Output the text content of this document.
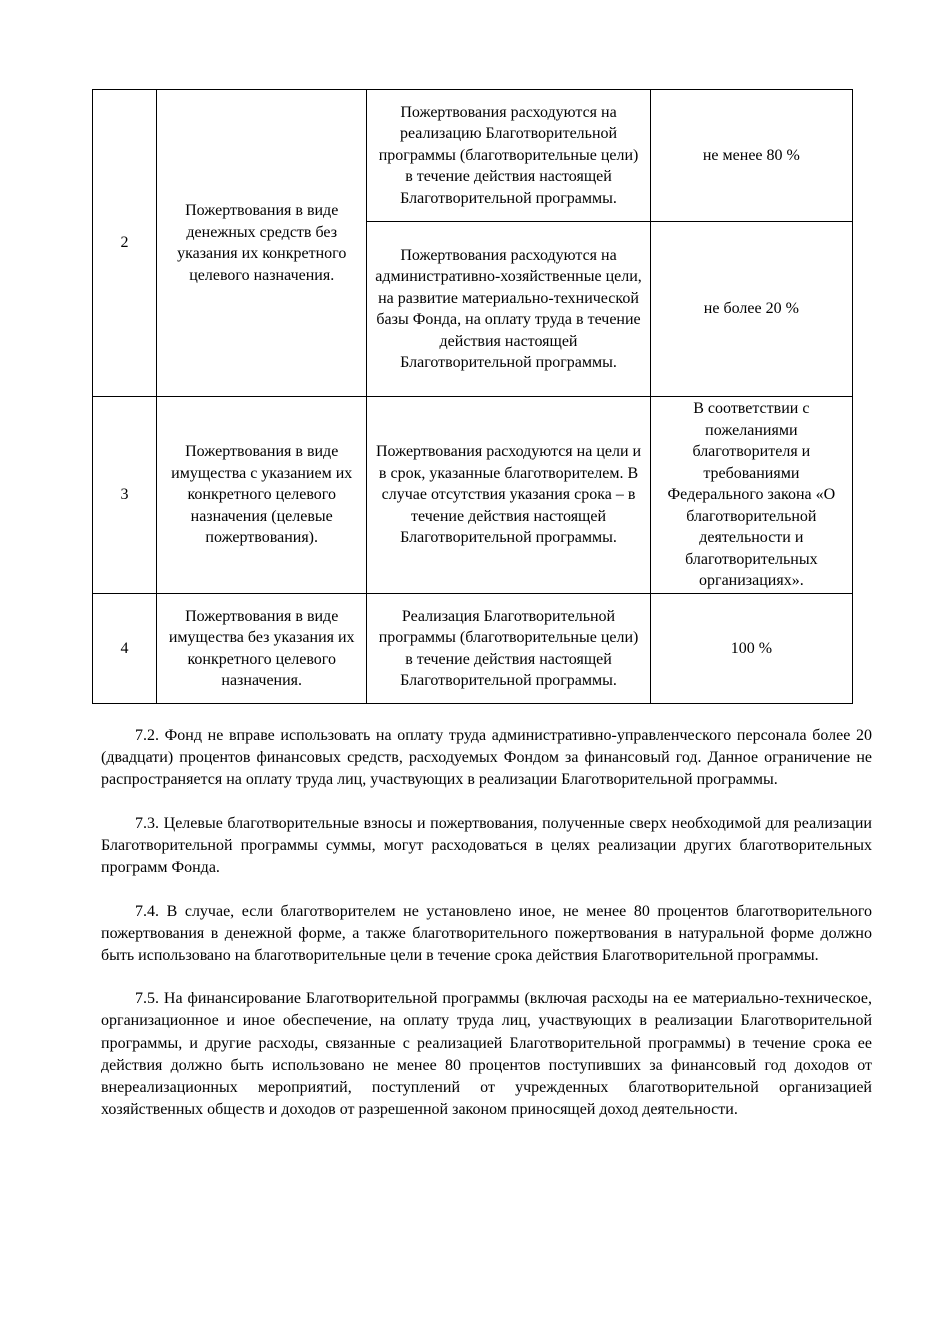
2	Пожертвования в виде денежных средств без указания их конкретного целевого назначения.	Пожертвования расходуются на реализацию Благотворительной программы (благотворительные цели) в течение действия настоящей Благотворительной программы.	не менее 80 %
		Пожертвования расходуются на административно-хозяйственные цели, на развитие материально-технической базы Фонда, на оплату труда в течение действия настоящей Благотворительной программы.	не более 20 %
3	Пожертвования в виде имущества с указанием их конкретного целевого назначения (целевые пожертвования).	Пожертвования расходуются на цели и в срок, указанные благотворителем. В случае отсутствия указания срока – в течение действия настоящей Благотворительной программы.	В соответствии с пожеланиями благотворителя и требованиями Федерального закона «О благотворительной деятельности и благотворительных организациях».
4	Пожертвования в виде имущества без указания их конкретного целевого назначения.	Реализация Благотворительной программы (благотворительные цели) в течение действия настоящей Благотворительной программы.	100 %

7.2. Фонд не вправе использовать на оплату труда административно-управленческого персонала более 20 (двадцати) процентов финансовых средств, расходуемых Фондом за финансовый год. Данное ограничение не распространяется на оплату труда лиц, участвующих в реализации Благотворительной программы.

7.3. Целевые благотворительные взносы и пожертвования, полученные сверх необходимой для реализации Благотворительной программы суммы, могут расходоваться в целях реализации других благотворительных программ Фонда.

7.4. В случае, если благотворителем не установлено иное, не менее 80 процентов благотворительного пожертвования в денежной форме, а также благотворительного пожертвования в натуральной форме должно быть использовано на благотворительные цели в течение срока действия Благотворительной программы.

7.5. На финансирование Благотворительной программы (включая расходы на ее материально-техническое, организационное и иное обеспечение, на оплату труда лиц, участвующих в реализации Благотворительной программы, и другие расходы, связанные с реализацией Благотворительной программы) в течение срока ее действия должно быть использовано не менее 80 процентов поступивших за финансовый год доходов от внереализационных мероприятий, поступлений от учрежденных благотворительной организацией хозяйственных обществ и доходов от разрешенной законом приносящей доход деятельности.
